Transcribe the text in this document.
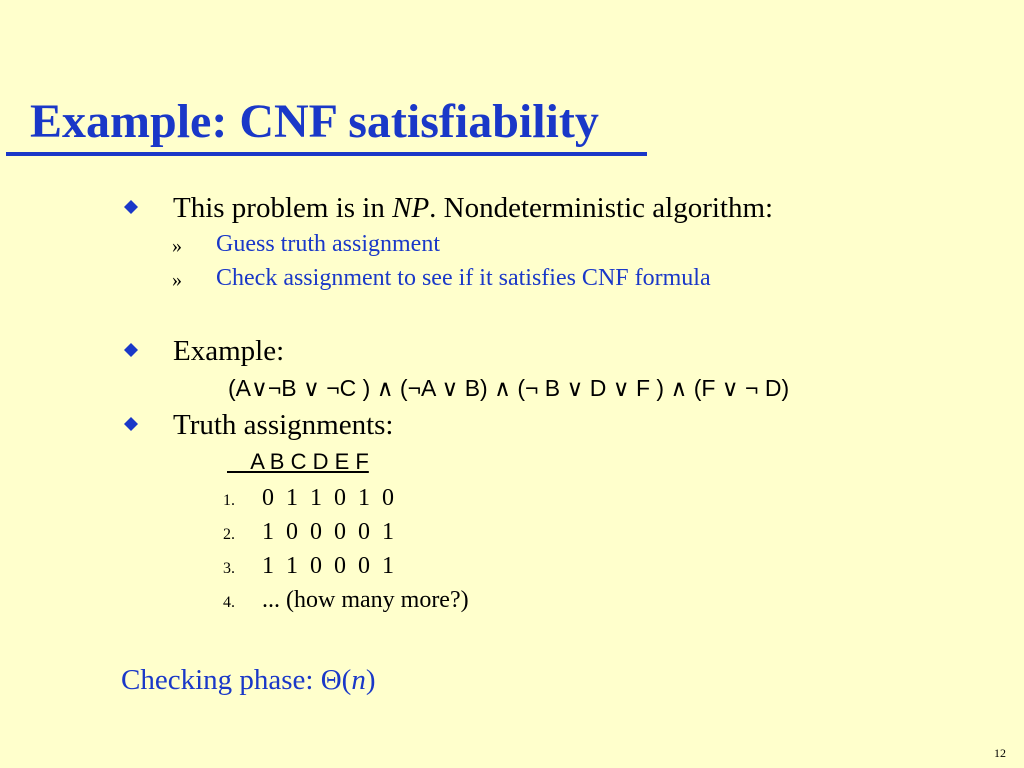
Example: CNF satisfiability
This problem is in NP. Nondeterministic algorithm:
» Guess truth assignment
» Check assignment to see if it satisfies CNF formula
Example:
(A∨¬B ∨ ¬C ) ∧ (¬A ∨ B) ∧ (¬ B ∨ D ∨ F ) ∧ (F ∨ ¬ D)
Truth assignments:
A B C D E F
1. 0 1 1 0 1 0
2. 1 0 0 0 0 1
3. 1 1 0 0 0 1
4. ... (how many more?)
Checking phase: Θ(n)
12
